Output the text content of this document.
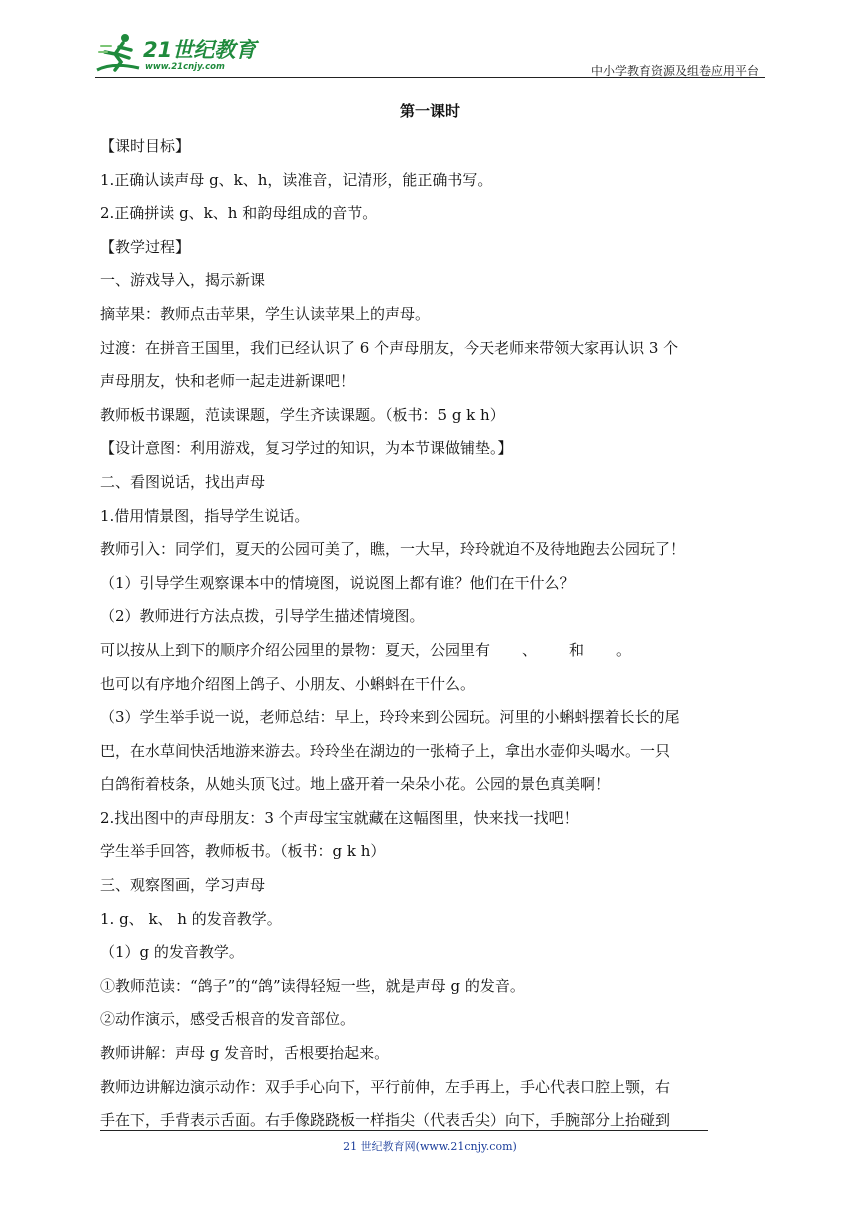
21世纪教育
www.21cnjy.com	中小学教育资源及组卷应用平台
第一课时
【课时目标】
1.正确认读声母 g、k、h，读准音，记清形，能正确书写。
2.正确拼读 g、k、h 和韵母组成的音节。
【教学过程】
一、游戏导入，揭示新课
摘苹果：教师点击苹果，学生认读苹果上的声母。
过渡：在拼音王国里，我们已经认识了 6 个声母朋友，今天老师来带领大家再认识 3 个
声母朋友，快和老师一起走进新课吧！
教师板书课题，范读课题，学生齐读课题。（板书：5 g k h）
【设计意图：利用游戏，复习学过的知识，为本节课做铺垫。】
二、看图说话，找出声母
1.借用情景图，指导学生说话。
教师引入：同学们，夏天的公园可美了，瞧，一大早，玲玲就迫不及待地跑去公园玩了！
（1）引导学生观察课本中的情境图，说说图上都有谁？他们在干什么？
（2）教师进行方法点拨，引导学生描述情境图。
可以按从上到下的顺序介绍公园里的景物：夏天，公园里有 、 和 。
也可以有序地介绍图上鸽子、小朋友、小蝌蚪在干什么。
（3）学生举手说一说，老师总结：早上，玲玲来到公园玩。河里的小蝌蚪摆着长长的尾
巴，在水草间快活地游来游去。玲玲坐在湖边的一张椅子上，拿出水壶仰头喝水。一只
白鸽衔着枝条，从她头顶飞过。地上盛开着一朵朵小花。公园的景色真美啊！
2.找出图中的声母朋友：3 个声母宝宝就藏在这幅图里，快来找一找吧！
学生举手回答，教师板书。（板书：g k h）
三、观察图画，学习声母
1. g、 k、 h 的发音教学。
（1）g 的发音教学。
①教师范读：“鸽子”的“鸽”读得轻短一些，就是声母 g 的发音。
②动作演示，感受舌根音的发音部位。
教师讲解：声母 g 发音时，舌根要抬起来。
教师边讲解边演示动作：双手手心向下，平行前伸，左手再上，手心代表口腔上颚，右
手在下，手背表示舌面。右手像跷跷板一样指尖（代表舌尖）向下，手腕部分上抬碰到
21 世纪教育网(www.21cnjy.com)
